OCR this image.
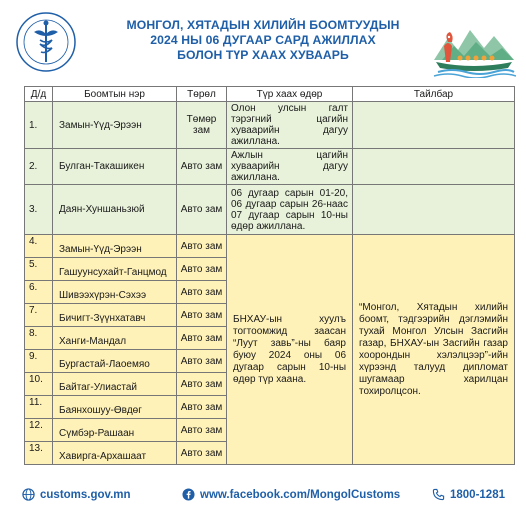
МОНГОЛ, ХЯТАДЫН ХИЛИЙН БООМТУУДЫН
2024 НЫ 06 ДУГААР САРД АЖИЛЛАХ
БОЛОН ТҮР ХААХ ХУВААРЬ
Д/д	Боомтын нэр	Төрөл	Түр хаах өдөр	Тайлбар
1.	Замын-Үүд-Эрээн	Төмөр зам	Олон улсын галт тэрэгний цагийн хуваарийн дагуу ажиллана.	
2.	Булган-Такашикен	Авто зам	Ажлын цагийн хуваарийн дагуу ажиллана.	
3.	Даян-Хуншаньзюй	Авто зам	06 дугаар сарын 01-20, 06 дугаар сарын 26-наас 07 дугаар сарын 10-ны өдөр ажиллана.	
4.	Замын-Үүд-Эрээн	Авто зам	БНХАУ-ын хуулъ тогтоомжид заасан “Луут завь”-ны баяр буюу 2024 оны 06 дугаар сарын 10-ны өдөр түр хаана.	“Монгол, Хятадын хилийн боомт, тэдгээрийн дэглэмийн тухай Монгол Улсын Засгийн газар, БНХАУ-ын Засгийн газар хоорондын хэлэлцээр”-ийн хүрээнд талууд дипломат шугамаар харилцан тохиролцсон.
5.	Гашуунсухайт-Ганцмод	Авто зам		
6.	Шивээхүрэн-Сэхээ	Авто зам		
7.	Бичигт-Зүүнхатавч	Авто зам		
8.	Ханги-Мандал	Авто зам		
9.	Бургастай-Лаоемяо	Авто зам		
10.	Байтаг-Улиастай	Авто зам		
11.	Баянхошуу-Өвдөг	Авто зам		
12.	Сүмбэр-Рашаан	Авто зам		
13.	Хавирга-Архашаат	Авто зам		
customs.gov.mn	www.facebook.com/MongolCustoms	1800-1281
